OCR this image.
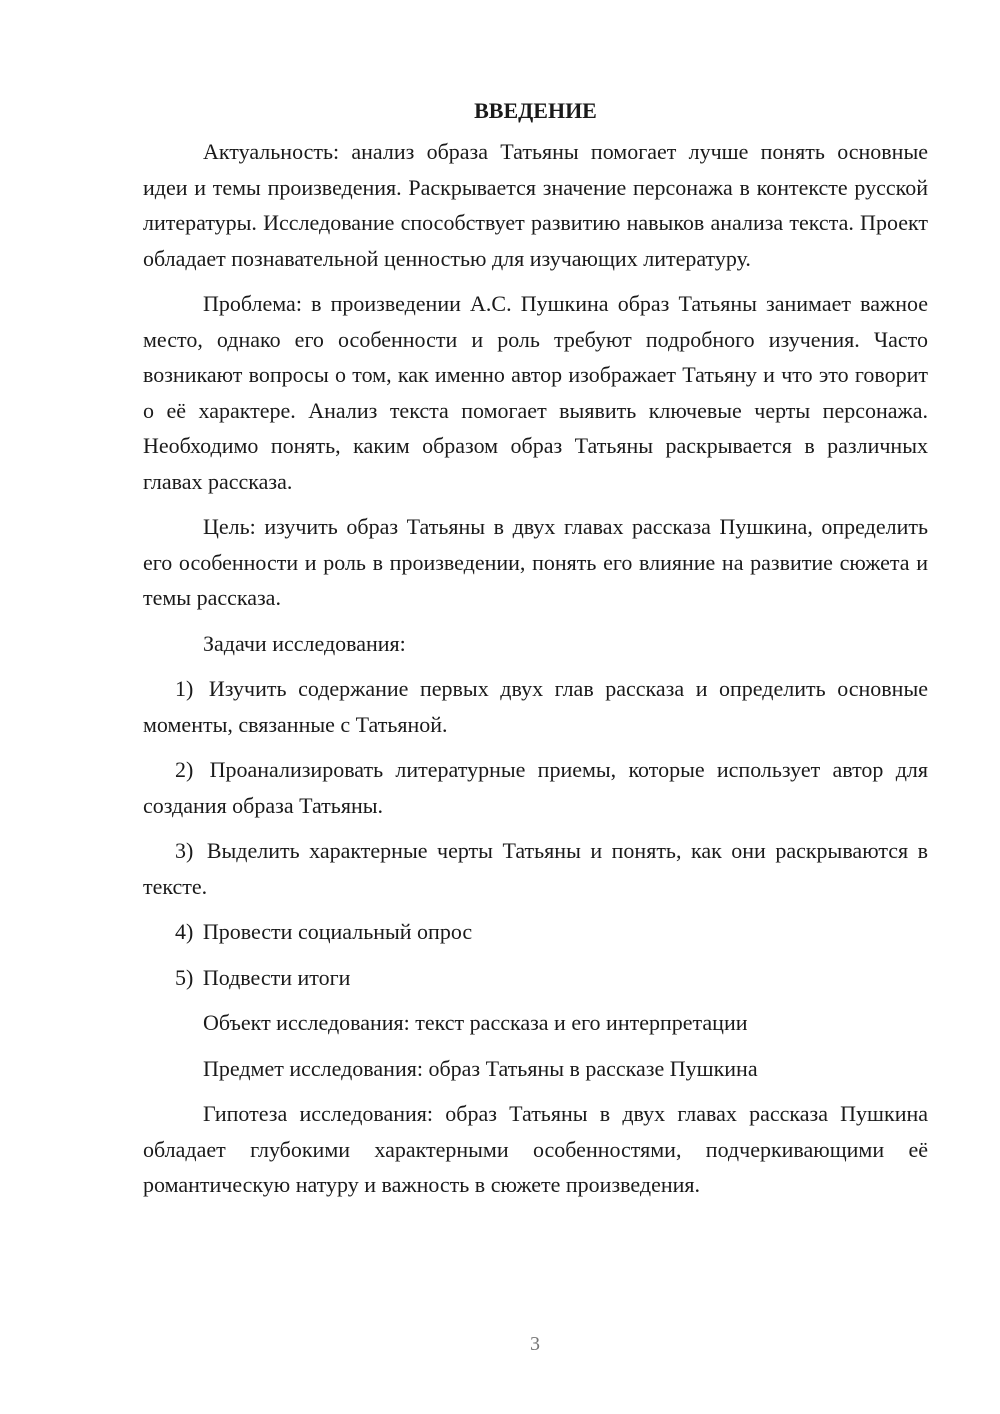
ВВЕДЕНИЕ

Актуальность: анализ образа Татьяны помогает лучше понять основные идеи и темы произведения. Раскрывается значение персонажа в контексте русской литературы. Исследование способствует развитию навыков анализа текста. Проект обладает познавательной ценностью для изучающих литературу.

Проблема: в произведении А.С. Пушкина образ Татьяны занимает важное место, однако его особенности и роль требуют подробного изучения. Часто возникают вопросы о том, как именно автор изображает Татьяну и что это говорит о её характере. Анализ текста помогает выявить ключевые черты персонажа. Необходимо понять, каким образом образ Татьяны раскрывается в различных главах рассказа.

Цель: изучить образ Татьяны в двух главах рассказа Пушкина, определить его особенности и роль в произведении, понять его влияние на развитие сюжета и темы рассказа.

Задачи исследования:

1) Изучить содержание первых двух глав рассказа и определить основные моменты, связанные с Татьяной.

2) Проанализировать литературные приемы, которые использует автор для создания образа Татьяны.

3) Выделить характерные черты Татьяны и понять, как они раскрываются в тексте.

4) Провести социальный опрос

5) Подвести итоги

Объект исследования: текст рассказа и его интерпретации

Предмет исследования: образ Татьяны в рассказе Пушкина

Гипотеза исследования: образ Татьяны в двух главах рассказа Пушкина обладает глубокими характерными особенностями, подчеркивающими её романтическую натуру и важность в сюжете произведения.

3
